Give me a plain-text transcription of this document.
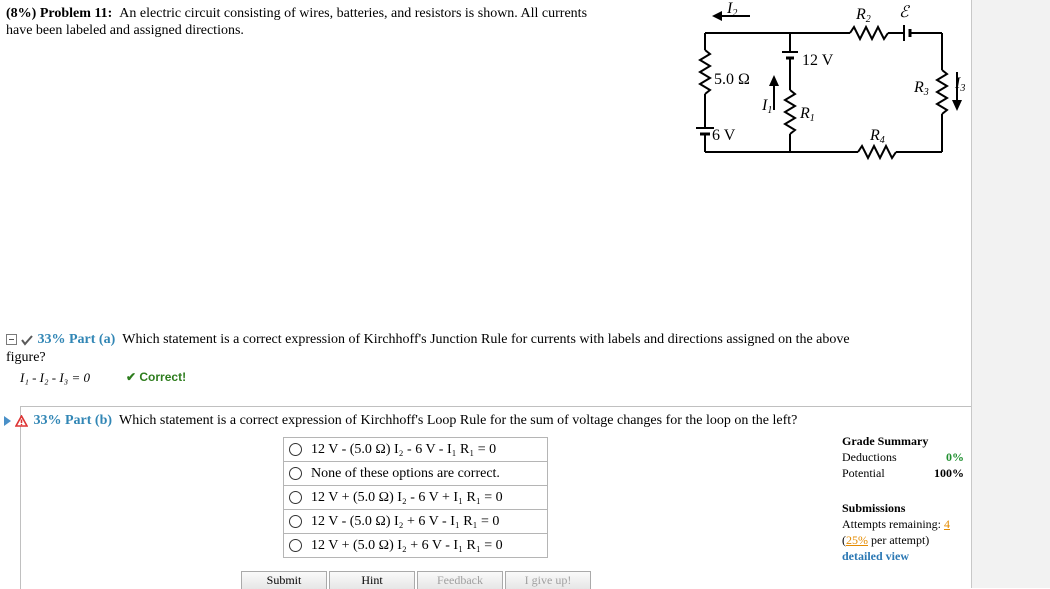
(8%) Problem 11: An electric circuit consisting of wires, batteries, and resistors is shown. All currents
have been labeled and assigned directions.
I2	R2 ℰ
12 V
5.0 Ω
I1 R1
R3
I3
6 V	R4
33% Part (a) Which statement is a correct expression of Kirchhoff's Junction Rule for currents with labels and directions assigned on the above
figure?
I₁ - I₂ - I₃ = 0	✔ Correct!
33% Part (b) Which statement is a correct expression of Kirchhoff's Loop Rule for the sum of voltage changes for the loop on the left?
12 V - (5.0 Ω) I₂ - 6 V - I₁ R₁ = 0
None of these options are correct.
12 V + (5.0 Ω) I₂ - 6 V + I₁ R₁ = 0
12 V - (5.0 Ω) I₂ + 6 V - I₁ R₁ = 0
12 V + (5.0 Ω) I₂ + 6 V - I₁ R₁ = 0
Grade Summary
Deductions	0%
Potential	100%
Submissions
Attempts remaining: 4
(25% per attempt)
detailed view
Submit	Hint	Feedback	I give up!
